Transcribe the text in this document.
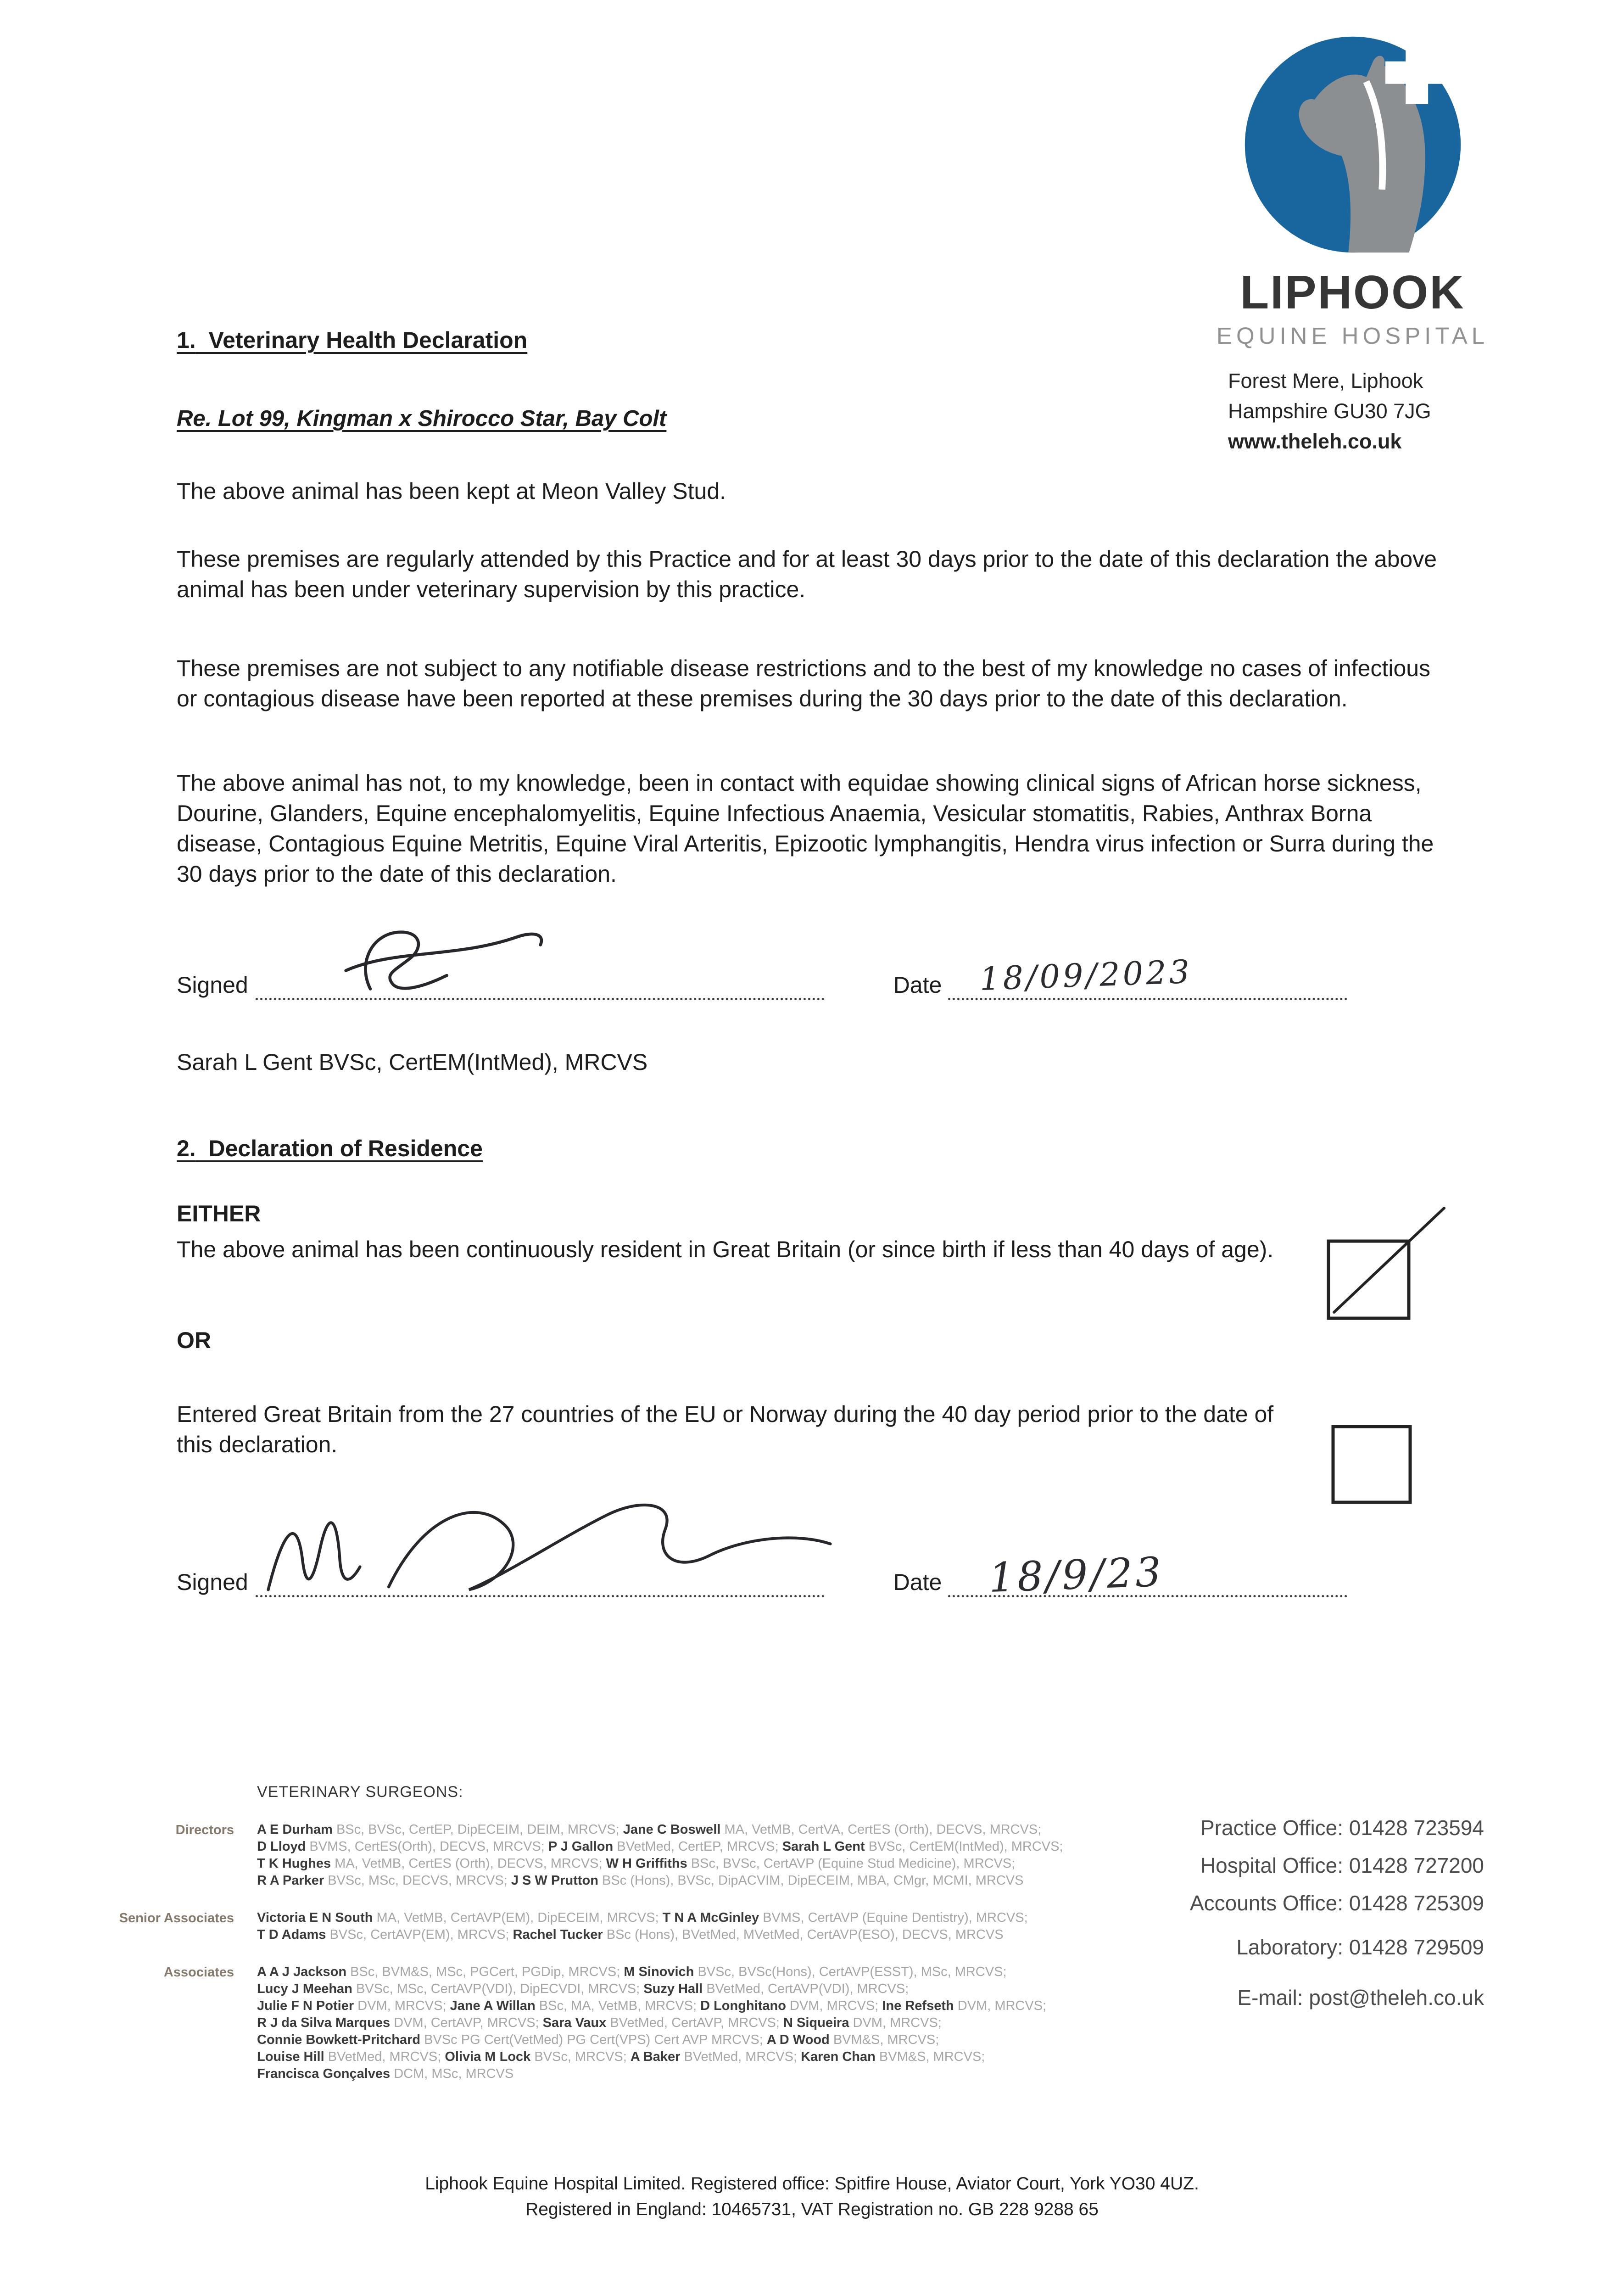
LIPHOOK
EQUINE HOSPITAL
Forest Mere, Liphook
Hampshire GU30 7JG
www.theleh.co.uk
1. Veterinary Health Declaration
Re. Lot 99, Kingman x Shirocco Star, Bay Colt

The above animal has been kept at Meon Valley Stud.

These premises are regularly attended by this Practice and for at least 30 days prior to the date of this declaration the above animal has been under veterinary supervision by this practice.

These premises are not subject to any notifiable disease restrictions and to the best of my knowledge no cases of infectious or contagious disease have been reported at these premises during the 30 days prior to the date of this declaration.

The above animal has not, to my knowledge, been in contact with equidae showing clinical signs of African horse sickness, Dourine, Glanders, Equine encephalomyelitis, Equine Infectious Anaemia, Vesicular stomatitis, Rabies, Anthrax Borna disease, Contagious Equine Metritis, Equine Viral Arteritis, Epizootic lymphangitis, Hendra virus infection or Surra during the 30 days prior to the date of this declaration.

Signed	Date 18/09/2023

Sarah L Gent BVSc, CertEM(IntMed), MRCVS

2. Declaration of Residence
EITHER

The above animal has been continuously resident in Great Britain (or since birth if less than 40 days of age).

OR

Entered Great Britain from the 27 countries of the EU or Norway during the 40 day period prior to the date of this declaration.

Signed	Date 18/9/23
VETERINARY SURGEONS:
Directors A E Durham BSc, BVSc, CertEP, DipECEIM, DEIM, MRCVS; Jane C Boswell MA, VetMB, CertVA, CertES (Orth), DECVS, MRCVS;
D Lloyd BVMS, CertES(Orth), DECVS, MRCVS; P J Gallon BVetMed, CertEP, MRCVS; Sarah L Gent BVSc, CertEM(IntMed), MRCVS;
T K Hughes MA, VetMB, CertES (Orth), DECVS, MRCVS; W H Griffiths BSc, BVSc, CertAVP (Equine Stud Medicine), MRCVS;
R A Parker BVSc, MSc, DECVS, MRCVS; J S W Prutton BSc (Hons), BVSc, DipACVIM, DipECEIM, MBA, CMgr, MCMI, MRCVS
Senior Associates Victoria E N South MA, VetMB, CertAVP(EM), DipECEIM, MRCVS; T N A McGinley BVMS, CertAVP (Equine Dentistry), MRCVS;
T D Adams BVSc, CertAVP(EM), MRCVS; Rachel Tucker BSc (Hons), BVetMed, MVetMed, CertAVP(ESO), DECVS, MRCVS
Associates A A J Jackson BSc, BVM&S, MSc, PGCert, PGDip, MRCVS; M Sinovich BVSc, BVSc(Hons), CertAVP(ESST), MSc, MRCVS;
Lucy J Meehan BVSc, MSc, CertAVP(VDI), DipECVDI, MRCVS; Suzy Hall BVetMed, CertAVP(VDI), MRCVS;
Julie F N Potier DVM, MRCVS; Jane A Willan BSc, MA, VetMB, MRCVS; D Longhitano DVM, MRCVS; Ine Refseth DVM, MRCVS;
R J da Silva Marques DVM, CertAVP, MRCVS; Sara Vaux BVetMed, CertAVP, MRCVS; N Siqueira DVM, MRCVS;
Connie Bowkett-Pritchard BVSc PG Cert(VetMed) PG Cert(VPS) Cert AVP MRCVS; A D Wood BVM&S, MRCVS;
Louise Hill BVetMed, MRCVS; Olivia M Lock BVSc, MRCVS; A Baker BVetMed, MRCVS; Karen Chan BVM&S, MRCVS;
Francisca Gonçalves DCM, MSc, MRCVS
Practice Office: 01428 723594
Hospital Office: 01428 727200
Accounts Office: 01428 725309
Laboratory: 01428 729509
E-mail: post@theleh.co.uk
Liphook Equine Hospital Limited. Registered office: Spitfire House, Aviator Court, York YO30 4UZ.
Registered in England: 10465731, VAT Registration no. GB 228 9288 65
